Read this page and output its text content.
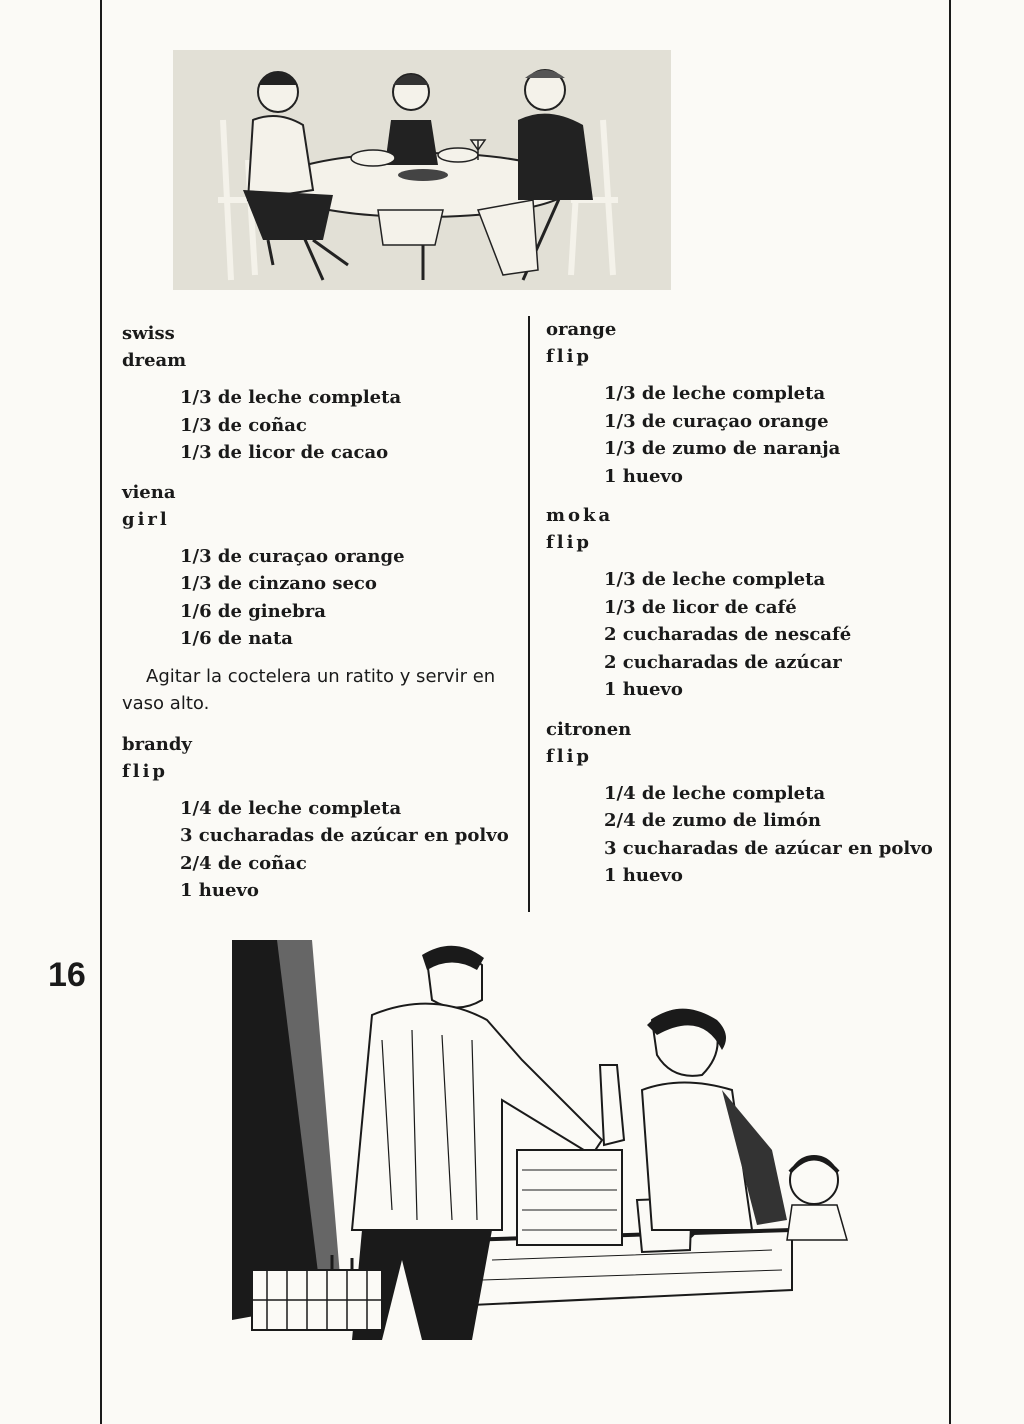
swiss
dream
1/3 de leche completa
1/3 de coñac
1/3 de licor de cacao
viena
girl
1/3 de curaçao orange
1/3 de cinzano seco
1/6 de ginebra
1/6 de nata
Agitar la coctelera un ratito y servir en vaso alto.
brandy
flip
1/4 de leche completa
3 cucharadas de azúcar en polvo
2/4 de coñac
1 huevo
orange
flip
1/3 de leche completa
1/3 de curaçao orange
1/3 de zumo de naranja
1 huevo
moka
flip
1/3 de leche completa
1/3 de licor de café
2 cucharadas de nescafé
2 cucharadas de azúcar
1 huevo
citronen
flip
1/4 de leche completa
2/4 de zumo de limón
3 cucharadas de azúcar en polvo
1 huevo
16
